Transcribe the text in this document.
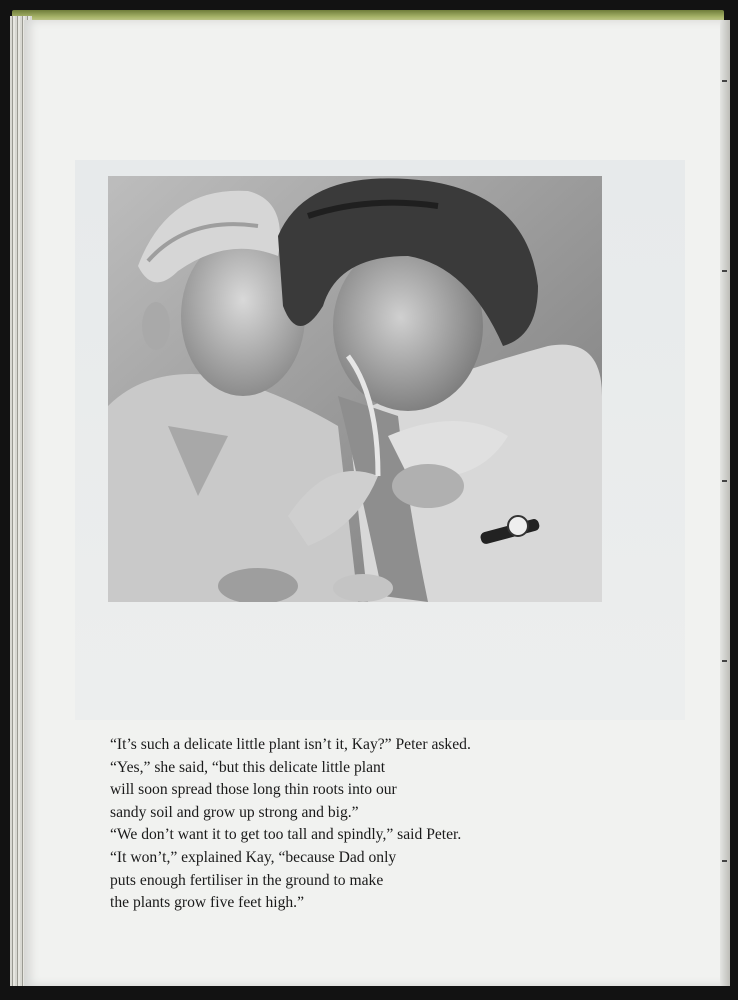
“It’s such a delicate little plant isn’t it, Kay?” Peter asked.

“Yes,” she said, “but this delicate little plant

will soon spread those long thin roots into our

sandy soil and grow up strong and big.”

“We don’t want it to get too tall and spindly,” said Peter.

“It won’t,” explained Kay, “because Dad only

puts enough fertiliser in the ground to make

the plants grow five feet high.”
